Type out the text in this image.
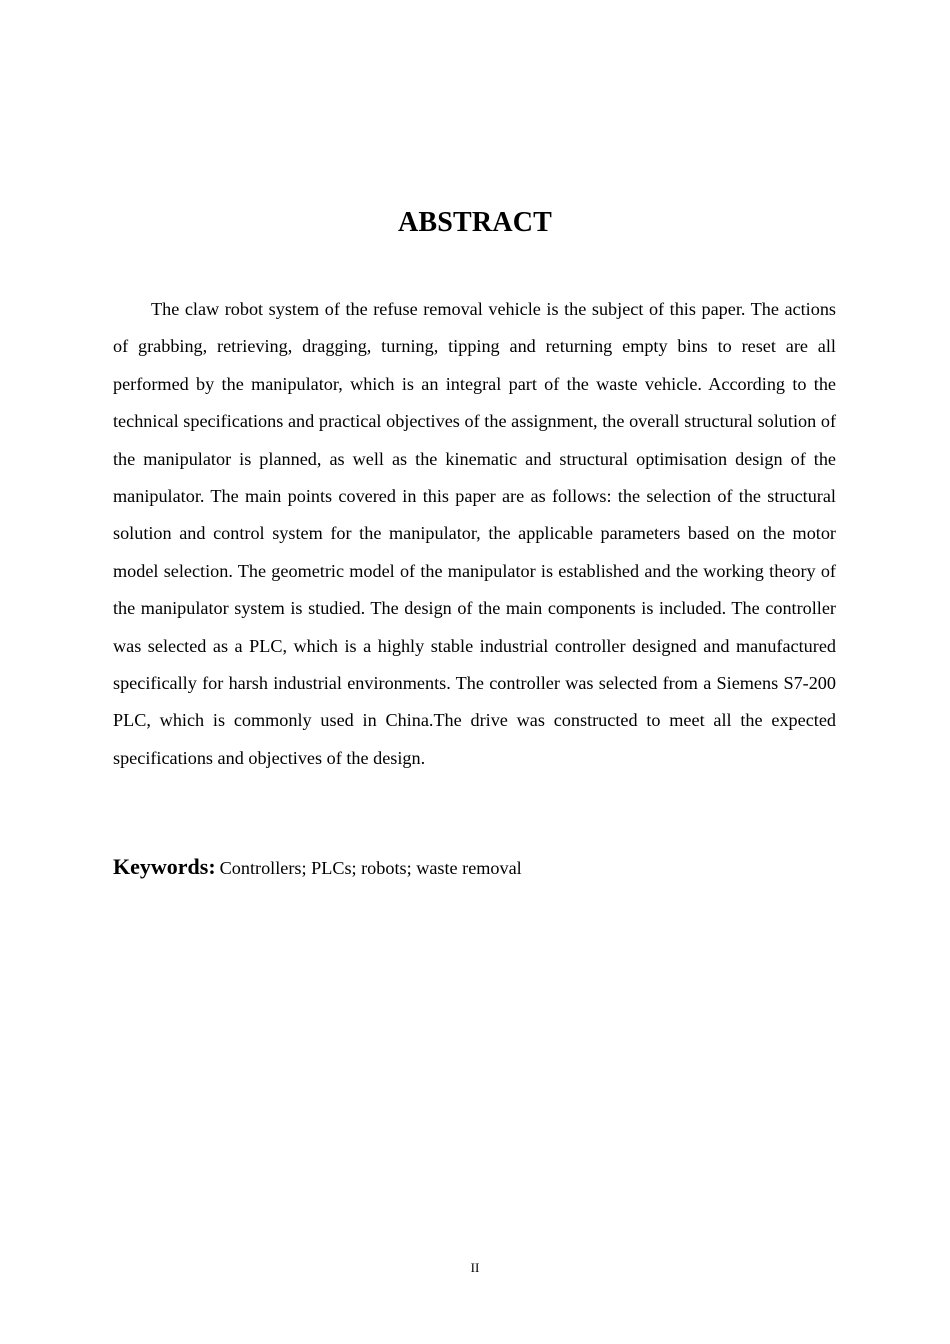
ABSTRACT

The claw robot system of the refuse removal vehicle is the subject of this paper. The actions of grabbing, retrieving, dragging, turning, tipping and returning empty bins to reset are all performed by the manipulator, which is an integral part of the waste vehicle. According to the technical specifications and practical objectives of the assignment, the overall structural solution of the manipulator is planned, as well as the kinematic and structural optimisation design of the manipulator. The main points covered in this paper are as follows: the selection of the structural solution and control system for the manipulator, the applicable parameters based on the motor model selection. The geometric model of the manipulator is established and the working theory of the manipulator system is studied. The design of the main components is included. The controller was selected as a PLC, which is a highly stable industrial controller designed and manufactured specifically for harsh industrial environments. The controller was selected from a Siemens S7-200 PLC, which is commonly used in China.The drive was constructed to meet all the expected specifications and objectives of the design.

Keywords: Controllers; PLCs; robots; waste removal

II
